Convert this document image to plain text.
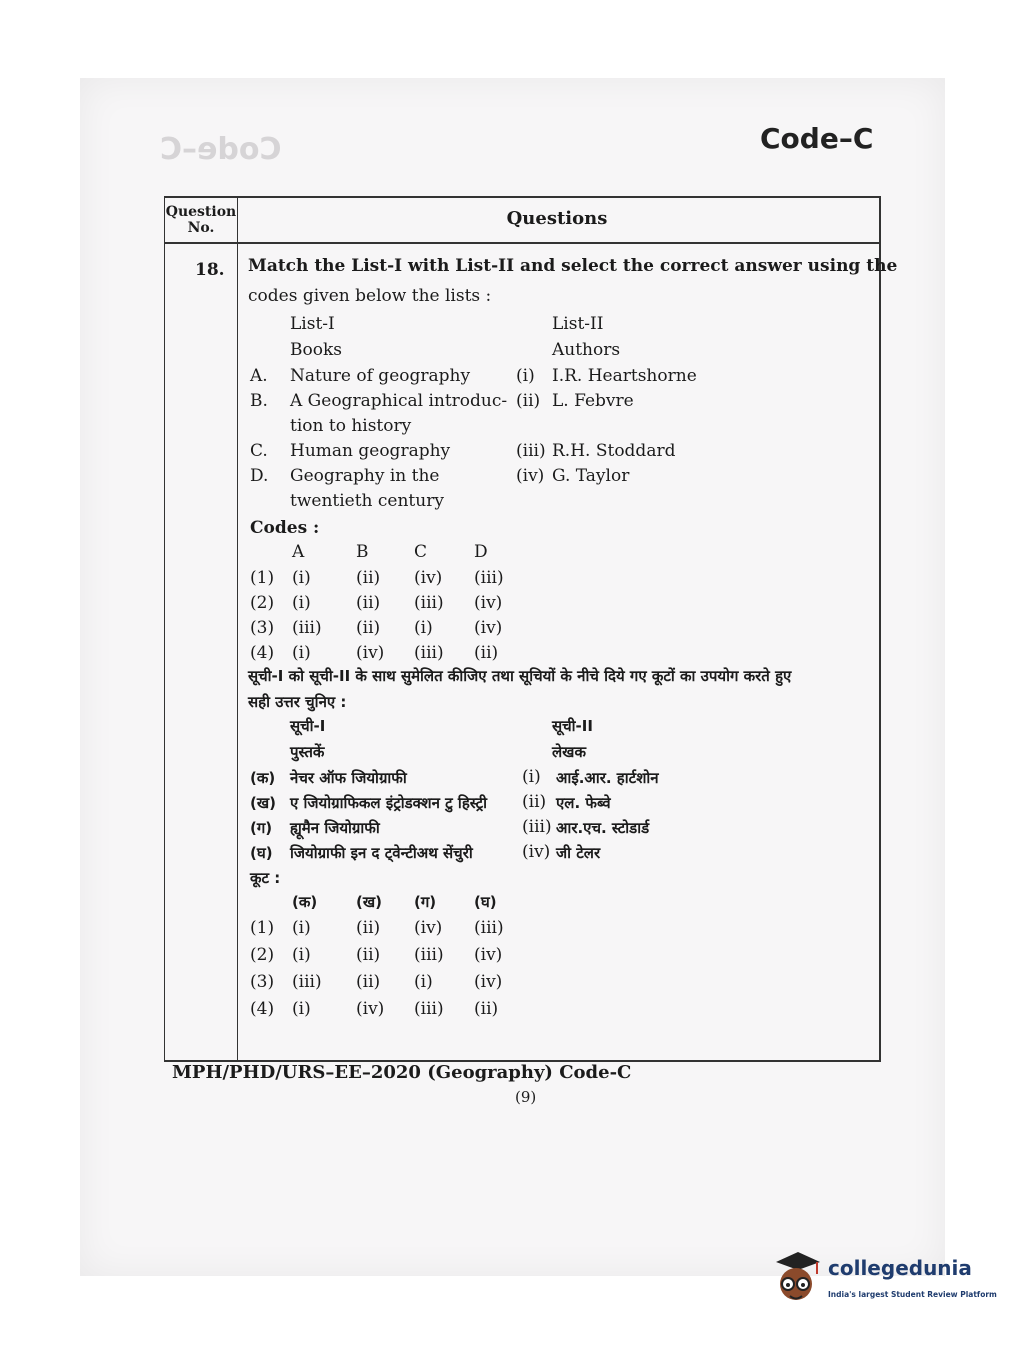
Code–C	Code–C
Question
No.	Questions
18. Match the List-I with List-II and select the correct answer using the
codes given below the lists :
List-I
Books
List-II
Authors
A. Nature of geography	(i) I.R. Heartshorne
B. A Geographical introduc- (ii) L. Febvre
tion to history
C. Human geography	(iii) R.H. Stoddard
D. Geography in the	(iv) G. Taylor
twentieth century
Codes :
A	B	C	D
(1) (i)	(ii) (iv) (iii)
(2) (i)	(ii) (iii) (iv)
(3) (iii) (ii) (i) (iv)
(4) (i)	(iv) (iii) (ii)
सूची-I को सूची-II के साथ सुमेलित कीजिए तथा सूचियों के नीचे दिये गए कूटों का उपयोग करते हुए
सही उत्तर चुनिए :
सूची-I
पुस्तकें
सूची-II
लेखक
(क) नेचर ऑफ जियोग्राफी	(i) आई.आर. हार्टशोन
(ख) ए जियोग्राफिकल इंट्रोडक्शन टु हिस्ट्री (ii) एल. फेब्वे
(ग) ह्यूमैन जियोग्राफी	(iii) आर.एच. स्टोडार्ड
(घ) जियोग्राफी इन द ट्वेन्टीअथ सेंचुरी	(iv) जी टेलर
कूट :
(क)	(ख) (ग)	(घ)
(1) (i)	(ii) (iv) (iii)
(2) (i)	(ii) (iii) (iv)
(3) (iii) (ii) (i) (iv)
(4) (i)	(iv) (iii) (ii)
MPH/PHD/URS–EE–2020 (Geography) Code-C
(9)
collegedunia
India's largest Student Review Platform
